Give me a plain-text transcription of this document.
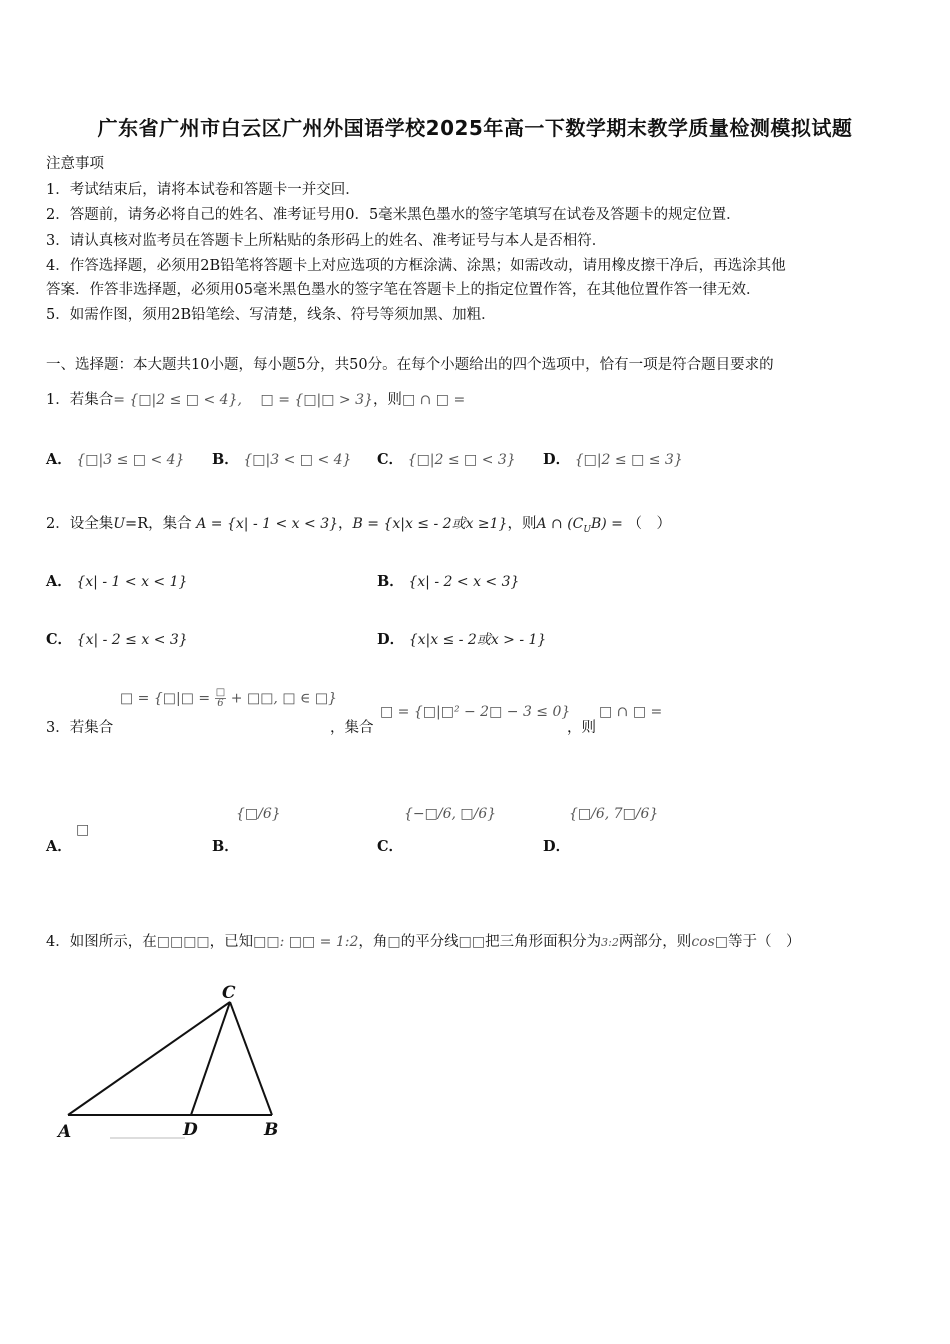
广东省广州市白云区广州外国语学校2025年高一下数学期末教学质量检测模拟试题
注意事项
1．考试结束后，请将本试卷和答题卡一并交回．
2．答题前，请务必将自己的姓名、准考证号用0．5毫米黑色墨水的签字笔填写在试卷及答题卡的规定位置．
3．请认真核对监考员在答题卡上所粘贴的条形码上的姓名、准考证号与本人是否相符．
4．作答选择题，必须用2B铅笔将答题卡上对应选项的方框涂满、涂黑；如需改动，请用橡皮擦干净后，再选涂其他
答案．作答非选择题，必须用05毫米黑色墨水的签字笔在答题卡上的指定位置作答，在其他位置作答一律无效．
5．如需作图，须用2B铅笔绘、写清楚，线条、符号等须加黑、加粗．
一、选择题：本大题共10小题，每小题5分，共50分。在每个小题给出的四个选项中，恰有一项是符合题目要求的
1．若集合= {□|2 ≤ □ < 4}, □ = {□|□ > 3}，则□ ∩ □ =
A． {□|3 ≤ □ < 4} B． {□|3 < □ < 4} C． {□|2 ≤ □ < 3} D． {□|2 ≤ □ ≤ 3}
2．设全集U=R，集合 A = {x| - 1 < x < 3}，B = {x|x ≤ - 2或x ≥1}，则A ∩ $(C_UB)$ = （　）
A． {x| - 1 < x < 1}	B． {x| - 2 < x < 3}
C． {x| - 2 ≤ x < 3}	D． {x|x ≤ - 2或x > - 1}
□ = {□|□ = $\frac{□}{6}$ + □□, □ ∈ □}
3．若集合	，集合
□ = {□|□² − 2□ − 3 ≤ 0}
，则
□ ∩ □ =
A．
□
B．
{□/6}
C．
{−□/6, □/6}
D．
{□/6, 7□/6}
4．如图所示，在□□□□，已知□□: □□ = 1:2，角□的平分线□□把三角形面积分为3:2两部分，则cos□等于（　）
C
A	D	B
